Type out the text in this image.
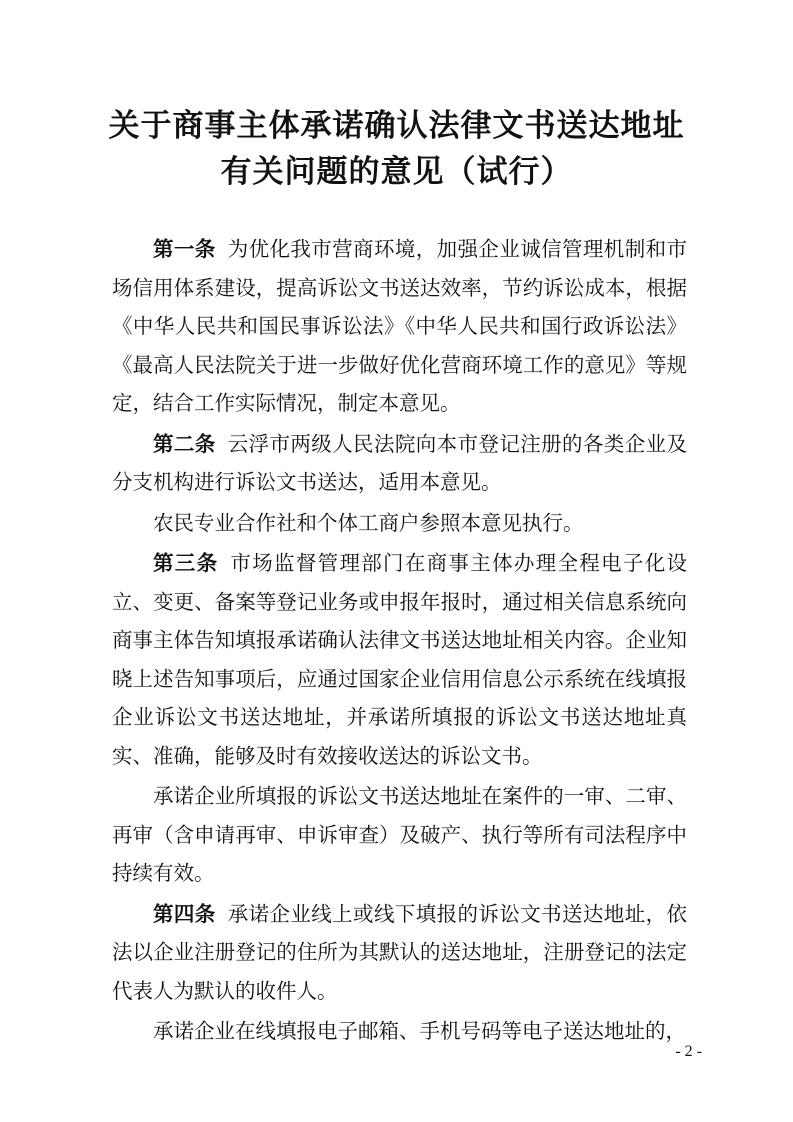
关于商事主体承诺确认法律文书送达地址
有关问题的意见（试行）

第一条 为优化我市营商环境，加强企业诚信管理机制和市场信用体系建设，提高诉讼文书送达效率，节约诉讼成本，根据《中华人民共和国民事诉讼法》《中华人民共和国行政诉讼法》《最高人民法院关于进一步做好优化营商环境工作的意见》等规定，结合工作实际情况，制定本意见。

第二条 云浮市两级人民法院向本市登记注册的各类企业及分支机构进行诉讼文书送达，适用本意见。

农民专业合作社和个体工商户参照本意见执行。

第三条 市场监督管理部门在商事主体办理全程电子化设立、变更、备案等登记业务或申报年报时，通过相关信息系统向商事主体告知填报承诺确认法律文书送达地址相关内容。企业知晓上述告知事项后，应通过国家企业信用信息公示系统在线填报企业诉讼文书送达地址，并承诺所填报的诉讼文书送达地址真实、准确，能够及时有效接收送达的诉讼文书。

承诺企业所填报的诉讼文书送达地址在案件的一审、二审、再审（含申请再审、申诉审查）及破产、执行等所有司法程序中持续有效。

第四条 承诺企业线上或线下填报的诉讼文书送达地址，依法以企业注册登记的住所为其默认的送达地址，注册登记的法定代表人为默认的收件人。

承诺企业在线填报电子邮箱、手机号码等电子送达地址的，

- 2 -
